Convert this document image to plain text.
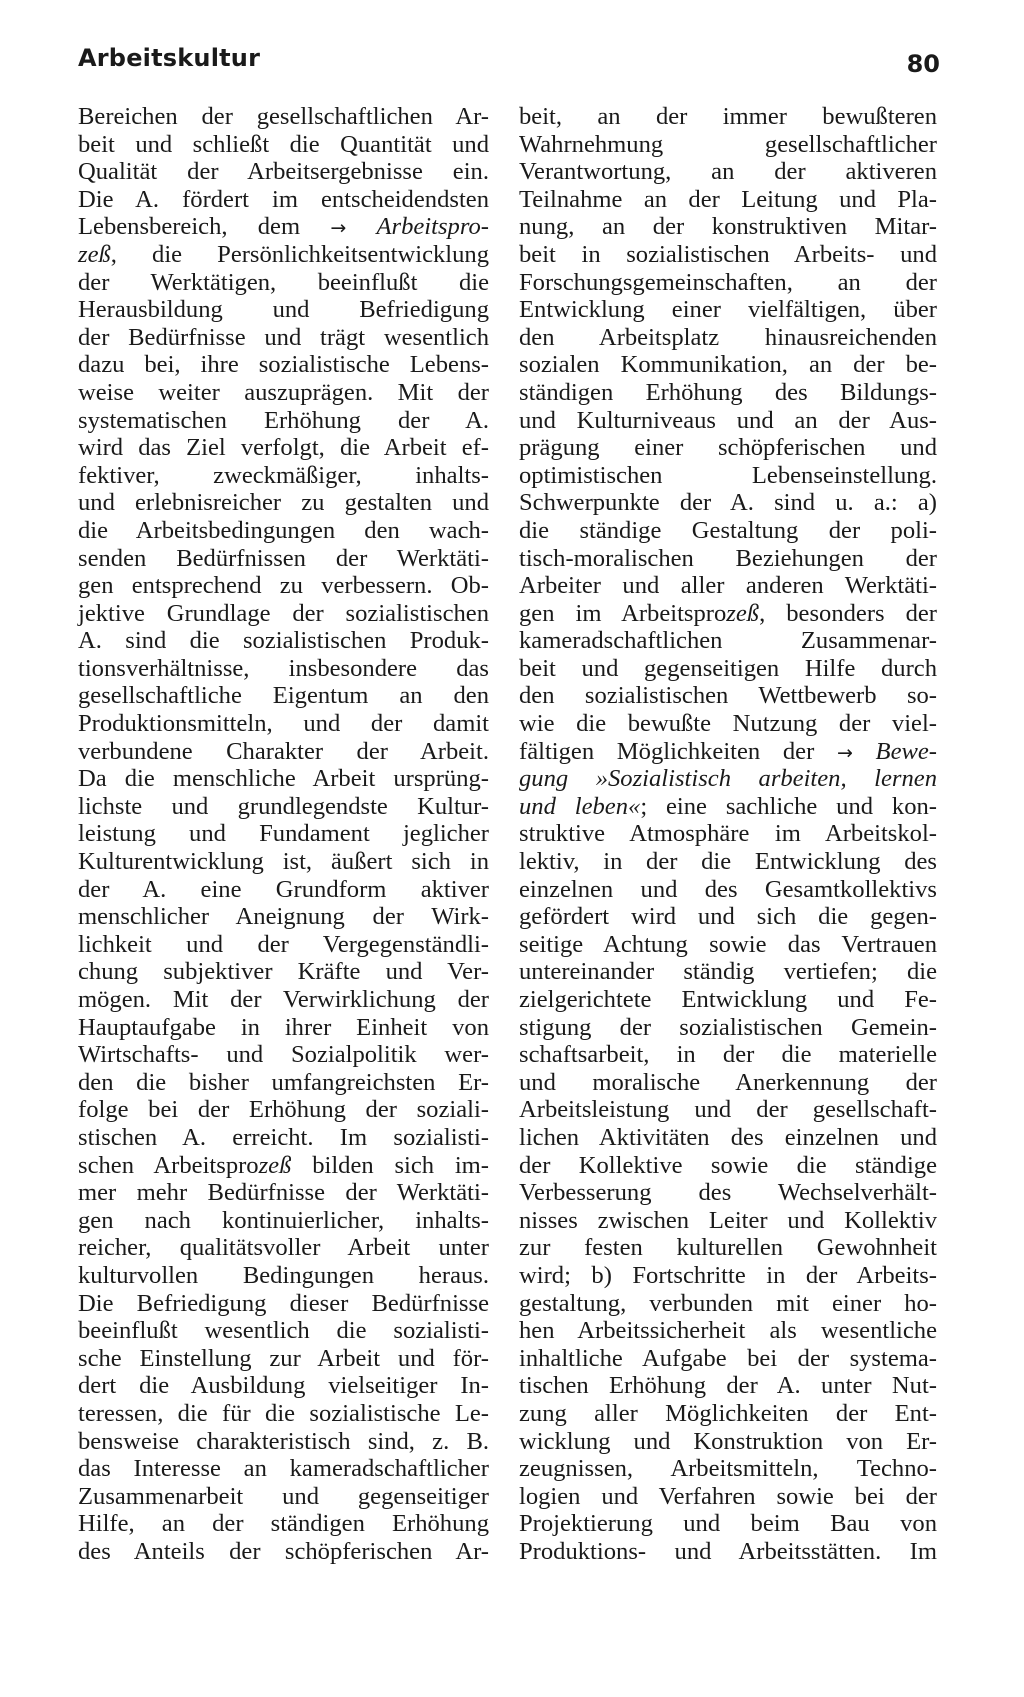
Arbeitskultur	80
Bereichen der gesellschaftlichen Ar-
beit und schließt die Quantität und
Qualität der Arbeitsergebnisse ein.
Die A. fördert im entscheidendsten
Lebensbereich, dem → Arbeitspro-
zeß, die Persönlichkeitsentwicklung
der Werktätigen, beeinflußt die
Herausbildung und Befriedigung
der Bedürfnisse und trägt wesentlich
dazu bei, ihre sozialistische Lebens-
weise weiter auszuprägen. Mit der
systematischen Erhöhung der A.
wird das Ziel verfolgt, die Arbeit ef-
fektiver, zweckmäßiger, inhalts-
und erlebnisreicher zu gestalten und
die Arbeitsbedingungen den wach-
senden Bedürfnissen der Werktäti-
gen entsprechend zu verbessern. Ob-
jektive Grundlage der sozialistischen
A. sind die sozialistischen Produk-
tionsverhältnisse, insbesondere das
gesellschaftliche Eigentum an den
Produktionsmitteln, und der damit
verbundene Charakter der Arbeit.
Da die menschliche Arbeit ursprüng-
lichste und grundlegendste Kultur-
leistung und Fundament jeglicher
Kulturentwicklung ist, äußert sich in
der A. eine Grundform aktiver
menschlicher Aneignung der Wirk-
lichkeit und der Vergegenständli-
chung subjektiver Kräfte und Ver-
mögen. Mit der Verwirklichung der
Hauptaufgabe in ihrer Einheit von
Wirtschafts- und Sozialpolitik wer-
den die bisher umfangreichsten Er-
folge bei der Erhöhung der soziali-
stischen A. erreicht. Im sozialisti-
schen Arbeitsprozeß bilden sich im-
mer mehr Bedürfnisse der Werktäti-
gen nach kontinuierlicher, inhalts-
reicher, qualitätsvoller Arbeit unter
kulturvollen Bedingungen heraus.
Die Befriedigung dieser Bedürfnisse
beeinflußt wesentlich die sozialisti-
sche Einstellung zur Arbeit und för-
dert die Ausbildung vielseitiger In-
teressen, die für die sozialistische Le-
bensweise charakteristisch sind, z. B.
das Interesse an kameradschaftlicher
Zusammenarbeit und gegenseitiger
Hilfe, an der ständigen Erhöhung
des Anteils der schöpferischen Ar-
beit, an der immer bewußteren
Wahrnehmung gesellschaftlicher
Verantwortung, an der aktiveren
Teilnahme an der Leitung und Pla-
nung, an der konstruktiven Mitar-
beit in sozialistischen Arbeits- und
Forschungsgemeinschaften, an der
Entwicklung einer vielfältigen, über
den Arbeitsplatz hinausreichenden
sozialen Kommunikation, an der be-
ständigen Erhöhung des Bildungs-
und Kulturniveaus und an der Aus-
prägung einer schöpferischen und
optimistischen Lebenseinstellung.
Schwerpunkte der A. sind u. a.: a)
die ständige Gestaltung der poli-
tisch-moralischen Beziehungen der
Arbeiter und aller anderen Werktäti-
gen im Arbeitsprozeß, besonders der
kameradschaftlichen Zusammenar-
beit und gegenseitigen Hilfe durch
den sozialistischen Wettbewerb so-
wie die bewußte Nutzung der viel-
fältigen Möglichkeiten der → Bewe-
gung »Sozialistisch arbeiten, lernen
und leben«; eine sachliche und kon-
struktive Atmosphäre im Arbeitskol-
lektiv, in der die Entwicklung des
einzelnen und des Gesamtkollektivs
gefördert wird und sich die gegen-
seitige Achtung sowie das Vertrauen
untereinander ständig vertiefen; die
zielgerichtete Entwicklung und Fe-
stigung der sozialistischen Gemein-
schaftsarbeit, in der die materielle
und moralische Anerkennung der
Arbeitsleistung und der gesellschaft-
lichen Aktivitäten des einzelnen und
der Kollektive sowie die ständige
Verbesserung des Wechselverhält-
nisses zwischen Leiter und Kollektiv
zur festen kulturellen Gewohnheit
wird; b) Fortschritte in der Arbeits-
gestaltung, verbunden mit einer ho-
hen Arbeitssicherheit als wesentliche
inhaltliche Aufgabe bei der systema-
tischen Erhöhung der A. unter Nut-
zung aller Möglichkeiten der Ent-
wicklung und Konstruktion von Er-
zeugnissen, Arbeitsmitteln, Techno-
logien und Verfahren sowie bei der
Projektierung und beim Bau von
Produktions- und Arbeitsstätten. Im
